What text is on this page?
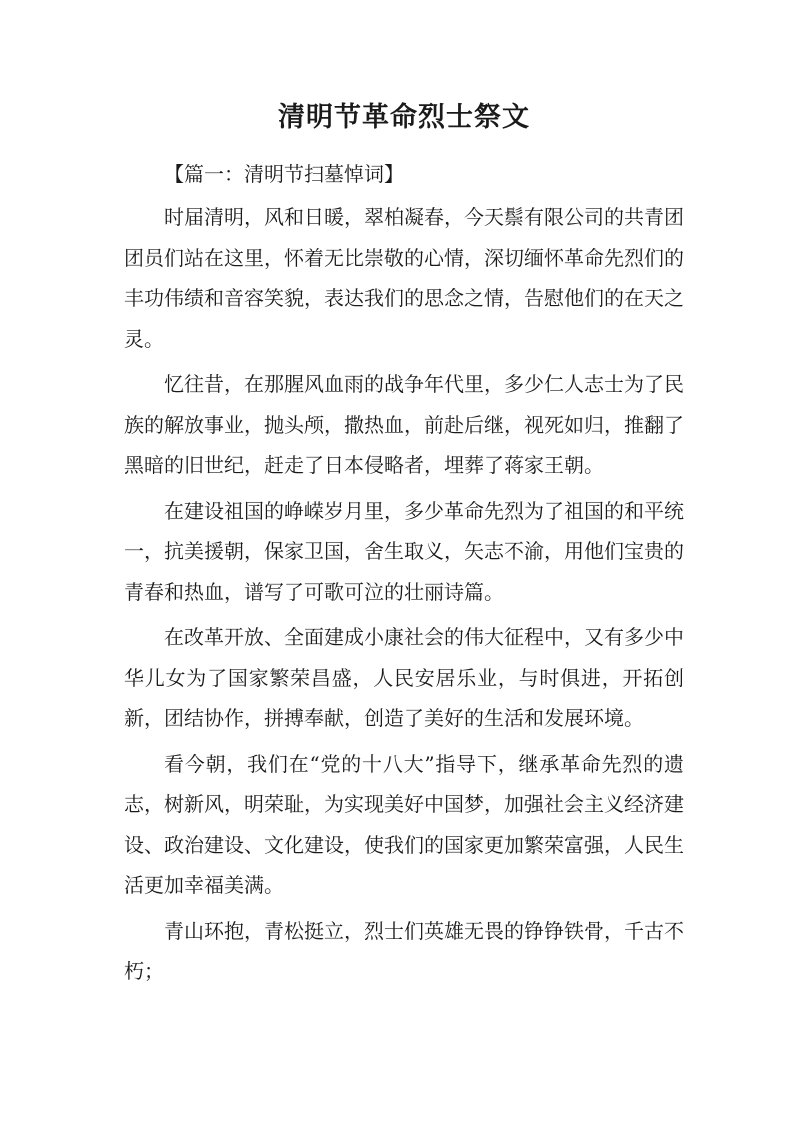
清明节革命烈士祭文

【篇一：清明节扫墓悼词】

时届清明，风和日暖，翠柏凝春，今天鬃有限公司的共青团团员们站在这里，怀着无比崇敬的心情，深切缅怀革命先烈们的丰功伟绩和音容笑貌，表达我们的思念之情，告慰他们的在天之灵。

忆往昔，在那腥风血雨的战争年代里，多少仁人志士为了民族的解放事业，抛头颅，撒热血，前赴后继，视死如归，推翻了黑暗的旧世纪，赶走了日本侵略者，埋葬了蒋家王朝。

在建设祖国的峥嵘岁月里，多少革命先烈为了祖国的和平统一，抗美援朝，保家卫国，舍生取义，矢志不渝，用他们宝贵的青春和热血，谱写了可歌可泣的壮丽诗篇。

在改革开放、全面建成小康社会的伟大征程中，又有多少中华儿女为了国家繁荣昌盛，人民安居乐业，与时俱进，开拓创新，团结协作，拼搏奉献，创造了美好的生活和发展环境。

看今朝，我们在“党的十八大”指导下，继承革命先烈的遗志，树新风，明荣耻，为实现美好中国梦，加强社会主义经济建设、政治建设、文化建设，使我们的国家更加繁荣富强，人民生活更加幸福美满。

青山环抱，青松挺立，烈士们英雄无畏的铮铮铁骨，千古不朽；
